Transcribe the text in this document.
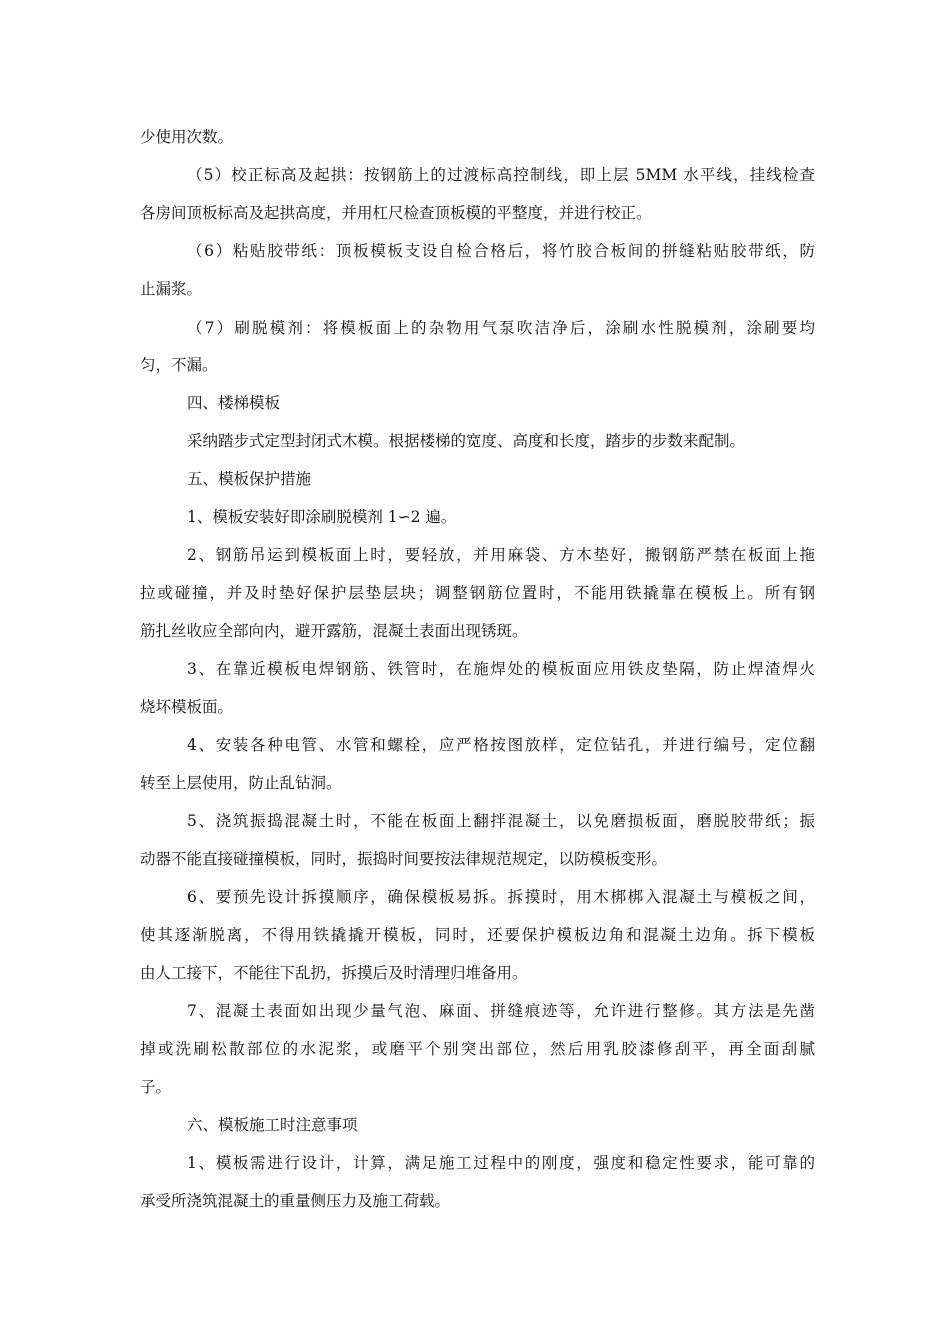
少使用次数。
（5）校正标高及起拱：按钢筋上的过渡标高控制线，即上层 5MM 水平线，挂线检查
各房间顶板标高及起拱高度，并用杠尺检查顶板模的平整度，并进行校正。
（6）粘贴胶带纸：顶板模板支设自检合格后，将竹胶合板间的拼缝粘贴胶带纸，防
止漏浆。
（7）刷脱模剂：将模板面上的杂物用气泵吹洁净后，涂刷水性脱模剂，涂刷要均
匀，不漏。
四、楼梯模板
采纳踏步式定型封闭式木模。根据楼梯的宽度、高度和长度，踏步的步数来配制。
五、模板保护措施
1、模板安装好即涂刷脱模剂 1∽2 遍。
2、钢筋吊运到模板面上时，要轻放，并用麻袋、方木垫好，搬钢筋严禁在板面上拖
拉或碰撞，并及时垫好保护层垫层块；调整钢筋位置时，不能用铁撬靠在模板上。所有钢
筋扎丝收应全部向内，避开露筋，混凝土表面出现锈斑。
3、在靠近模板电焊钢筋、铁管时，在施焊处的模板面应用铁皮垫隔，防止焊渣焊火
烧坏模板面。
4、安装各种电管、水管和螺栓，应严格按图放样，定位钻孔，并进行编号，定位翻
转至上层使用，防止乱钻洞。
5、浇筑振捣混凝土时，不能在板面上翻拌混凝土，以免磨损板面，磨脱胶带纸；振
动器不能直接碰撞模板，同时，振捣时间要按法律规范规定，以防模板变形。
6、要预先设计拆摸顺序，确保模板易拆。拆摸时，用木梆梆入混凝土与模板之间，
使其逐渐脱离，不得用铁撬撬开模板，同时，还要保护模板边角和混凝土边角。拆下模板
由人工接下，不能往下乱扔，拆摸后及时清理归堆备用。
7、混凝土表面如出现少量气泡、麻面、拼缝痕迹等，允许进行整修。其方法是先凿
掉或洗刷松散部位的水泥浆，或磨平个别突出部位，然后用乳胶漆修刮平，再全面刮腻
子。
六、模板施工时注意事项
1、模板需进行设计，计算，满足施工过程中的刚度，强度和稳定性要求，能可靠的
承受所浇筑混凝土的重量侧压力及施工荷载。
